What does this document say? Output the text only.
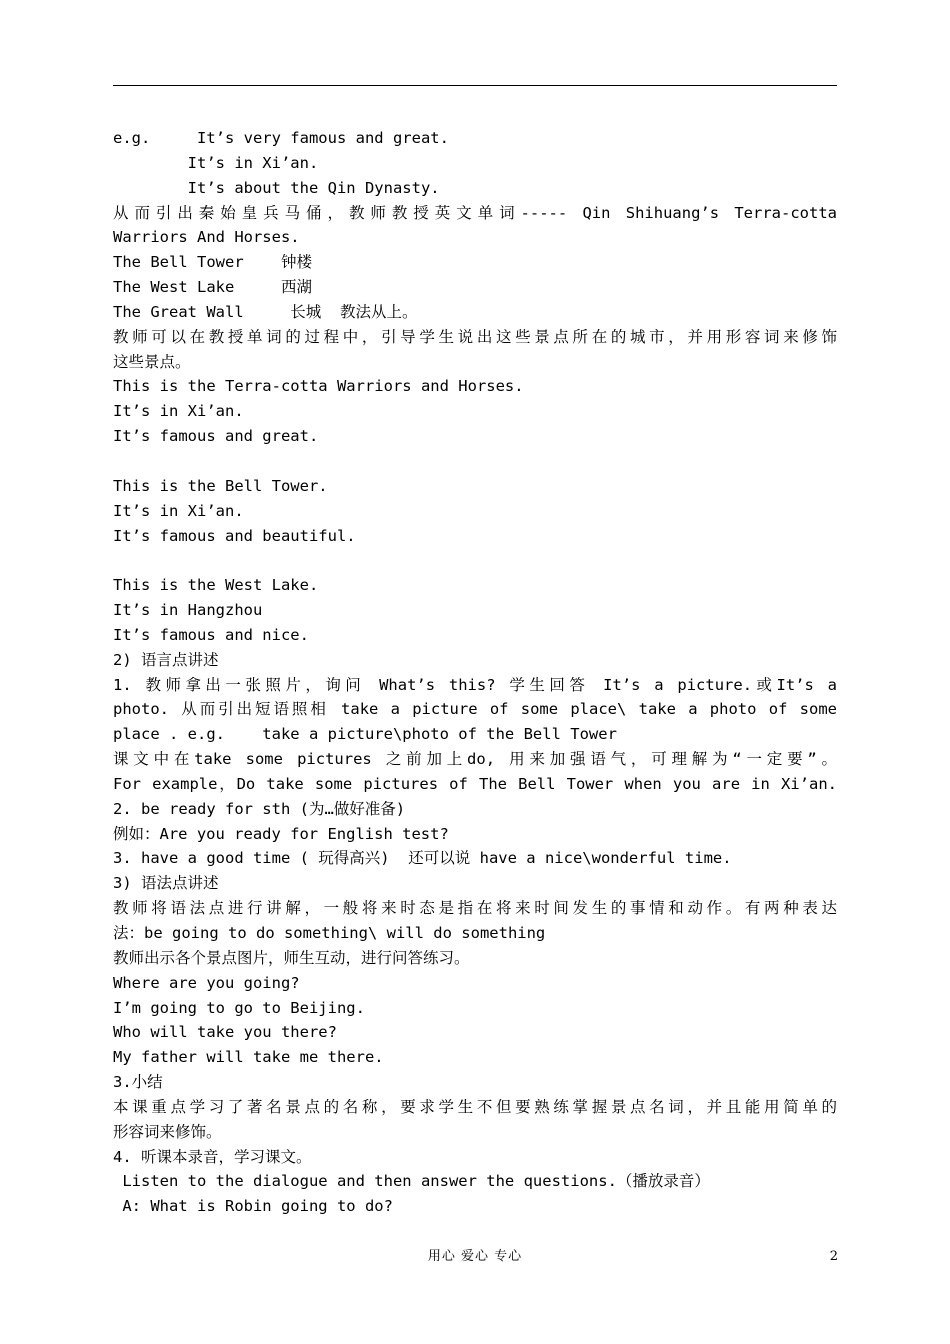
e.g.     It’s very famous and great.
It’s in Xi’an.
It’s about the Qin Dynasty.
从而引出秦始皇兵马俑，教师教授英文单词----- Qin Shihuang’s Terra-cotta
Warriors And Horses.
The Bell Tower    钟楼
The West Lake     西湖
The Great Wall     长城  教法从上。
教师可以在教授单词的过程中，引导学生说出这些景点所在的城市，并用形容词来修饰
这些景点。
This is the Terra-cotta Warriors and Horses.
It’s in Xi’an.
It’s famous and great.
This is the Bell Tower.
It’s in Xi’an.
It’s famous and beautiful.
This is the West Lake.
It’s in Hangzhou
It’s famous and nice.
2) 语言点讲述
1. 教师拿出一张照片，询问 What’s this? 学生回答 It’s a picture.或It’s a
photo. 从而引出短语照相 take a picture of some place\ take a photo of some
place . e.g.    take a picture\photo of the Bell Tower
课文中在take some pictures 之前加上do, 用来加强语气，可理解为“一定要”。
For example，Do take some pictures of The Bell Tower when you are in Xi’an.
2. be ready for sth (为…做好准备)
例如：Are you ready for English test?
3. have a good time ( 玩得高兴)  还可以说 have a nice\wonderful time.
3) 语法点讲述
教师将语法点进行讲解，一般将来时态是指在将来时间发生的事情和动作。有两种表达
法：be going to do something\ will do something
教师出示各个景点图片，师生互动，进行问答练习。
Where are you going?
I’m going to go to Beijing.
Who will take you there?
My father will take me there.
3.小结
本课重点学习了著名景点的名称，要求学生不但要熟练掌握景点名词，并且能用简单的
形容词来修饰。
4. 听课本录音，学习课文。
Listen to the dialogue and then answer the questions.（播放录音）
A: What is Robin going to do?
用心 爱心 专心	2
